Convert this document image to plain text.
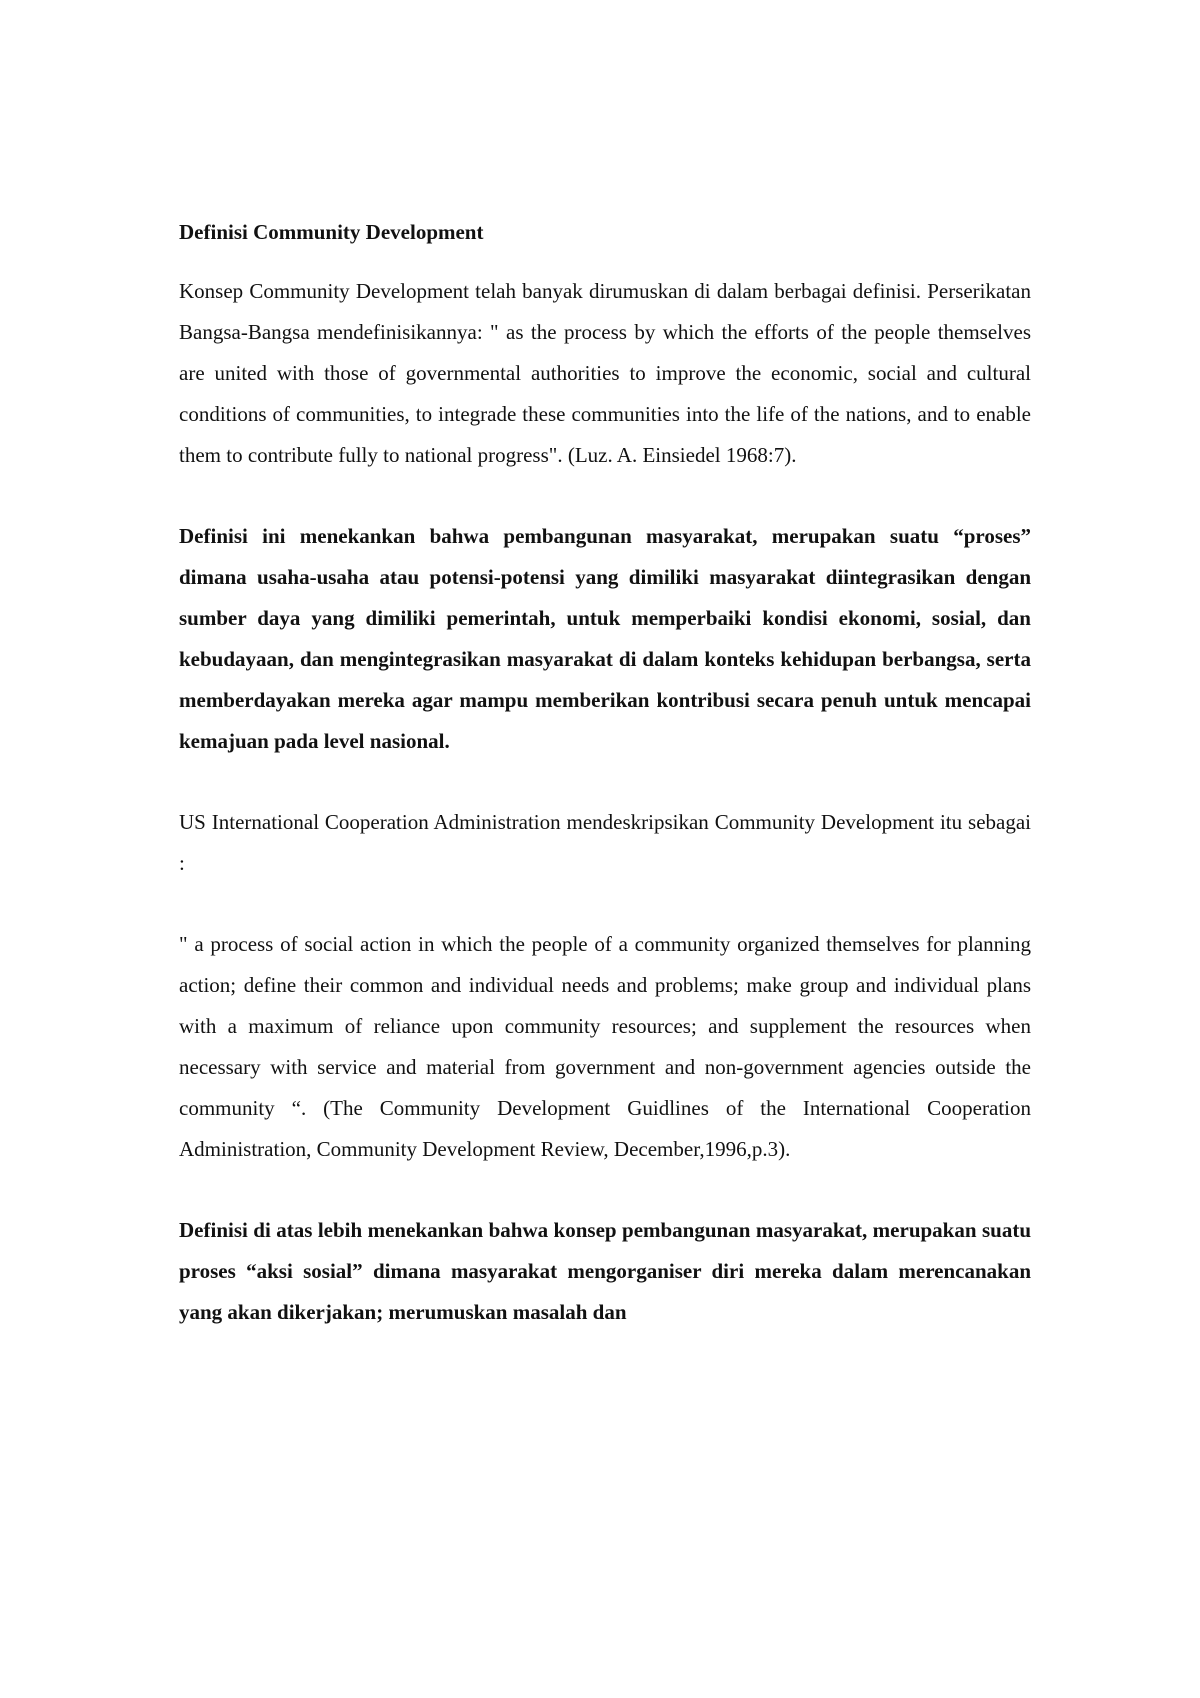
Definisi Community Development

Konsep Community Development telah banyak dirumuskan di dalam berbagai definisi. Perserikatan Bangsa-Bangsa mendefinisikannya: " as the process by which the efforts of the people themselves are united with those of governmental authorities to improve the economic, social and cultural conditions of communities, to integrade these communities into the life of the nations, and to enable them to contribute fully to national progress". (Luz. A. Einsiedel 1968:7).

Definisi ini menekankan bahwa pembangunan masyarakat, merupakan suatu “proses” dimana usaha-usaha atau potensi-potensi yang dimiliki masyarakat diintegrasikan dengan sumber daya yang dimiliki pemerintah, untuk memperbaiki kondisi ekonomi, sosial, dan kebudayaan, dan mengintegrasikan masyarakat di dalam konteks kehidupan berbangsa, serta memberdayakan mereka agar mampu memberikan kontribusi secara penuh untuk mencapai kemajuan pada level nasional.

US International Cooperation Administration mendeskripsikan Community Development itu sebagai :

" a process of social action in which the people of a community organized themselves for planning action; define their common and individual needs and problems; make group and individual plans with a maximum of reliance upon community resources; and supplement the resources when necessary with service and material from government and non-government agencies outside the community “. (The Community Development Guidlines of the International Cooperation Administration, Community Development Review, December,1996,p.3).

Definisi di atas lebih menekankan bahwa konsep pembangunan masyarakat, merupakan suatu proses “aksi sosial” dimana masyarakat mengorganiser diri mereka dalam merencanakan yang akan dikerjakan; merumuskan masalah dan
